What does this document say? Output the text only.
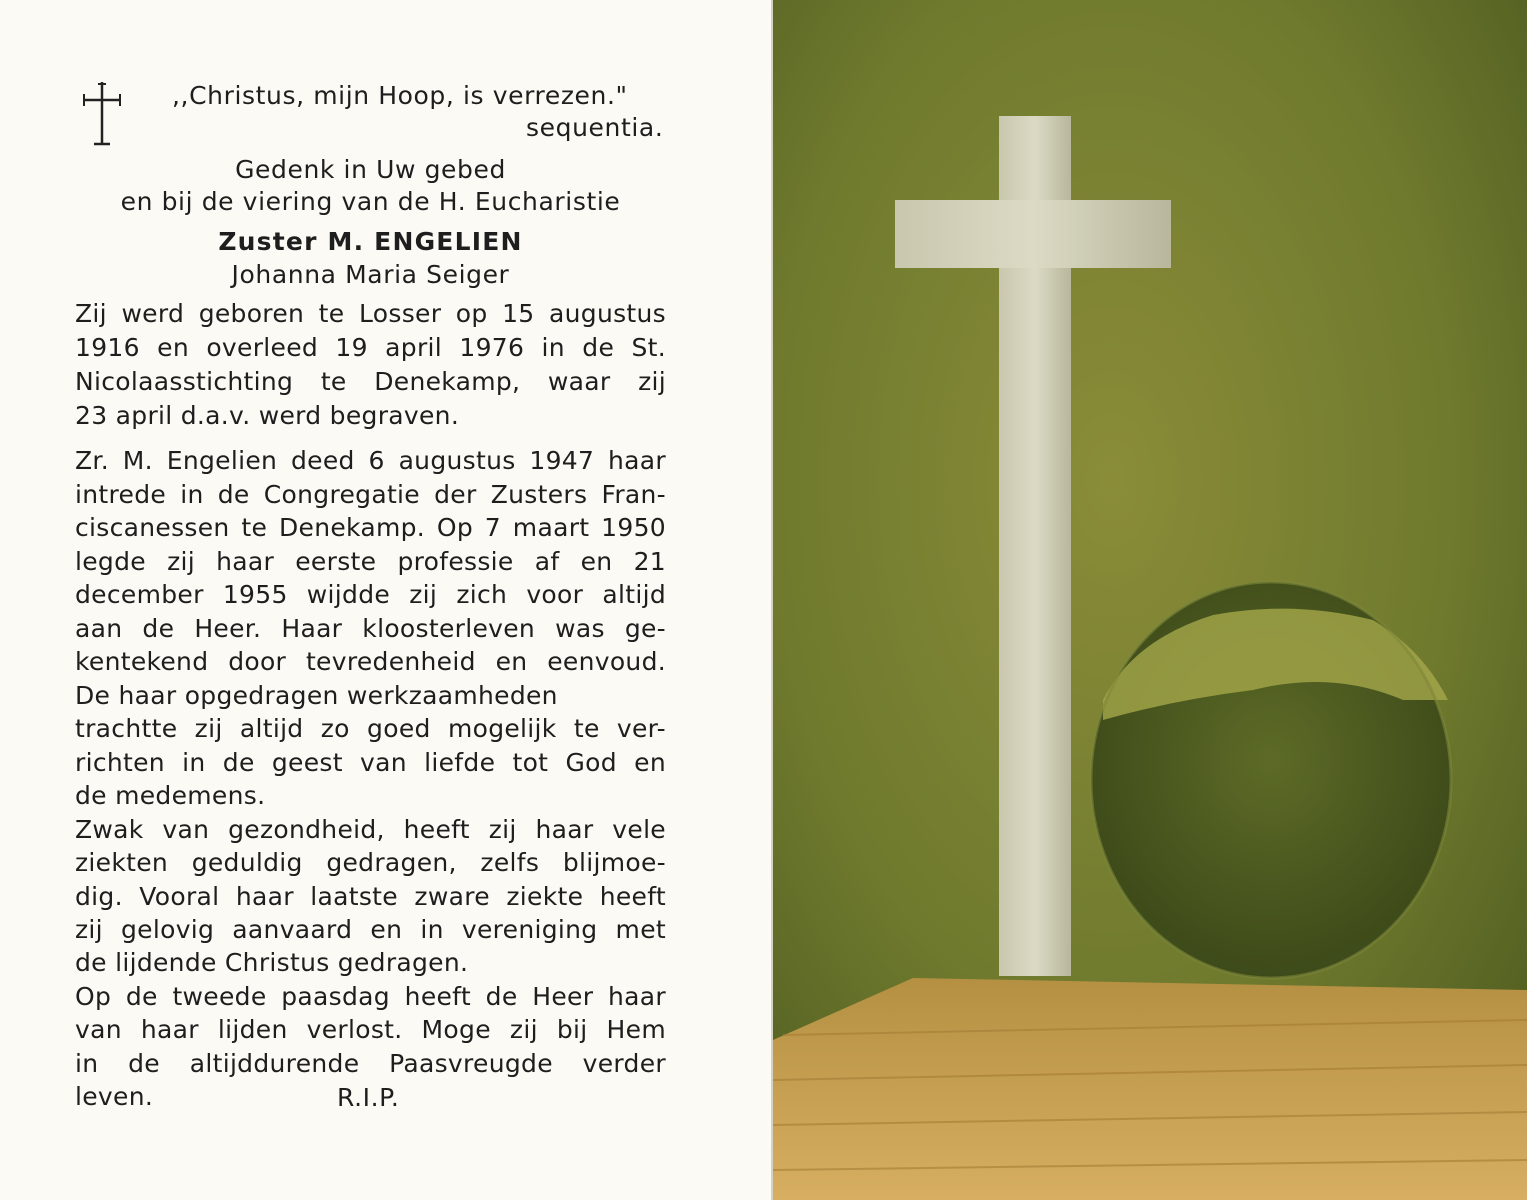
,,Christus, mijn Hoop, is verrezen."
sequentia.
Gedenk in Uw gebed
en bij de viering van de H. Eucharistie
Zuster M. ENGELIEN
Johanna Maria Seiger
Zij werd geboren te Losser op 15 augustus
1916 en overleed 19 april 1976 in de St.
Nicolaasstichting te Denekamp, waar zij
23 april d.a.v. werd begraven.
Zr. M. Engelien deed 6 augustus 1947 haar
intrede in de Congregatie der Zusters Fran-
ciscanessen te Denekamp. Op 7 maart 1950
legde zij haar eerste professie af en 21
december 1955 wijdde zij zich voor altijd
aan de Heer. Haar kloosterleven was ge-
kentekend door tevredenheid en eenvoud.
De haar opgedragen werkzaamheden
trachtte zij altijd zo goed mogelijk te ver-
richten in de geest van liefde tot God en
de medemens.
Zwak van gezondheid, heeft zij haar vele
ziekten geduldig gedragen, zelfs blijmoe-
dig. Vooral haar laatste zware ziekte heeft
zij gelovig aanvaard en in vereniging met
de lijdende Christus gedragen.
Op de tweede paasdag heeft de Heer haar
van haar lijden verlost. Moge zij bij Hem
in de altijddurende Paasvreugde verder
leven.	R.I.P.
